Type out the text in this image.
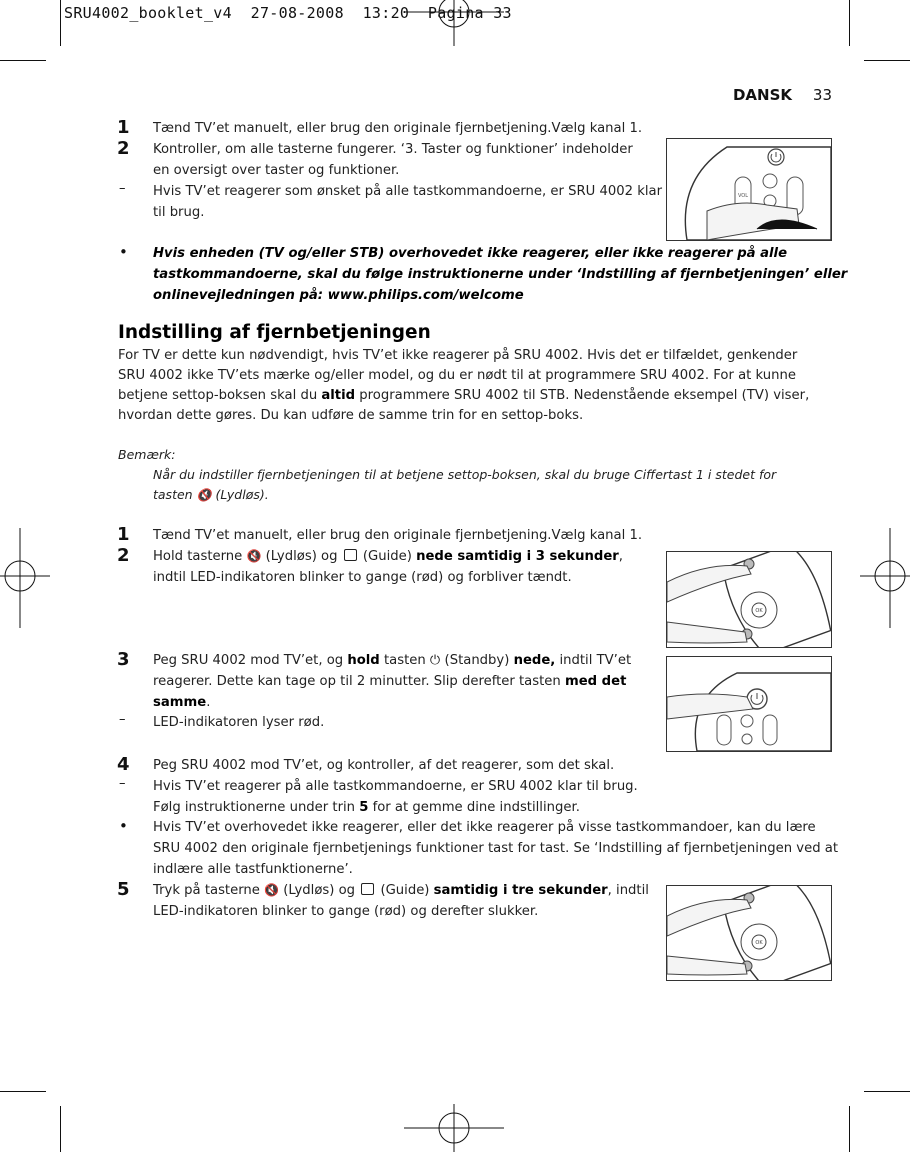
SRU4002_booklet_v4  27-08-2008  13:20  Pagina 33
DANSK 33
1 Tænd TV’et manuelt, eller brug den originale fjernbetjening.Vælg kanal 1.
2 Kontroller, om alle tasterne fungerer. ‘3. Taster og funktioner’ indeholder
en oversigt over taster og funktioner.
– Hvis TV’et reagerer som ønsket på alle tastkommandoerne, er SRU 4002 klar
til brug.
• Hvis enheden (TV og/eller STB) overhovedet ikke reagerer, eller ikke reagerer på alle
tastkommandoerne, skal du følge instruktionerne under ‘Indstilling af fjernbetjeningen’ eller
onlinevejledningen på: www.philips.com/welcome
VOL
Indstilling af fjernbetjeningen
For TV er dette kun nødvendigt, hvis TV’et ikke reagerer på SRU 4002. Hvis det er tilfældet, genkender
SRU 4002 ikke TV’ets mærke og/eller model, og du er nødt til at programmere SRU 4002. For at kunne
betjene settop-boksen skal du altid programmere SRU 4002 til STB. Nedenstående eksempel (TV) viser,
hvordan dette gøres. Du kan udføre de samme trin for en settop-boks.
Bemærk:
Når du indstiller fjernbetjeningen til at betjene settop-boksen, skal du bruge Ciffertast 1 i stedet for
tasten 🔇 (Lydløs).
1 Tænd TV’et manuelt, eller brug den originale fjernbetjening.Vælg kanal 1.
2 Hold tasterne 🔇 (Lydløs) og  (Guide) nede samtidig i 3 sekunder,
indtil LED-indikatoren blinker to gange (rød) og forbliver tændt.
OK
3 Peg SRU 4002 mod TV’et, og hold tasten ⏻ (Standby) nede, indtil TV’et
reagerer. Dette kan tage op til 2 minutter. Slip derefter tasten med det
samme.
– LED-indikatoren lyser rød.
4 Peg SRU 4002 mod TV’et, og kontroller, af det reagerer, som det skal.
– Hvis TV’et reagerer på alle tastkommandoerne, er SRU 4002 klar til brug.
Følg instruktionerne under trin 5 for at gemme dine indstillinger.
• Hvis TV’et overhovedet ikke reagerer, eller det ikke reagerer på visse tastkommandoer, kan du lære
SRU 4002 den originale fjernbetjenings funktioner tast for tast. Se ‘Indstilling af fjernbetjeningen ved at
indlære alle tastfunktionerne’.
5 Tryk på tasterne 🔇 (Lydløs) og  (Guide) samtidig i tre sekunder, indtil
LED-indikatoren blinker to gange (rød) og derefter slukker.
OK
